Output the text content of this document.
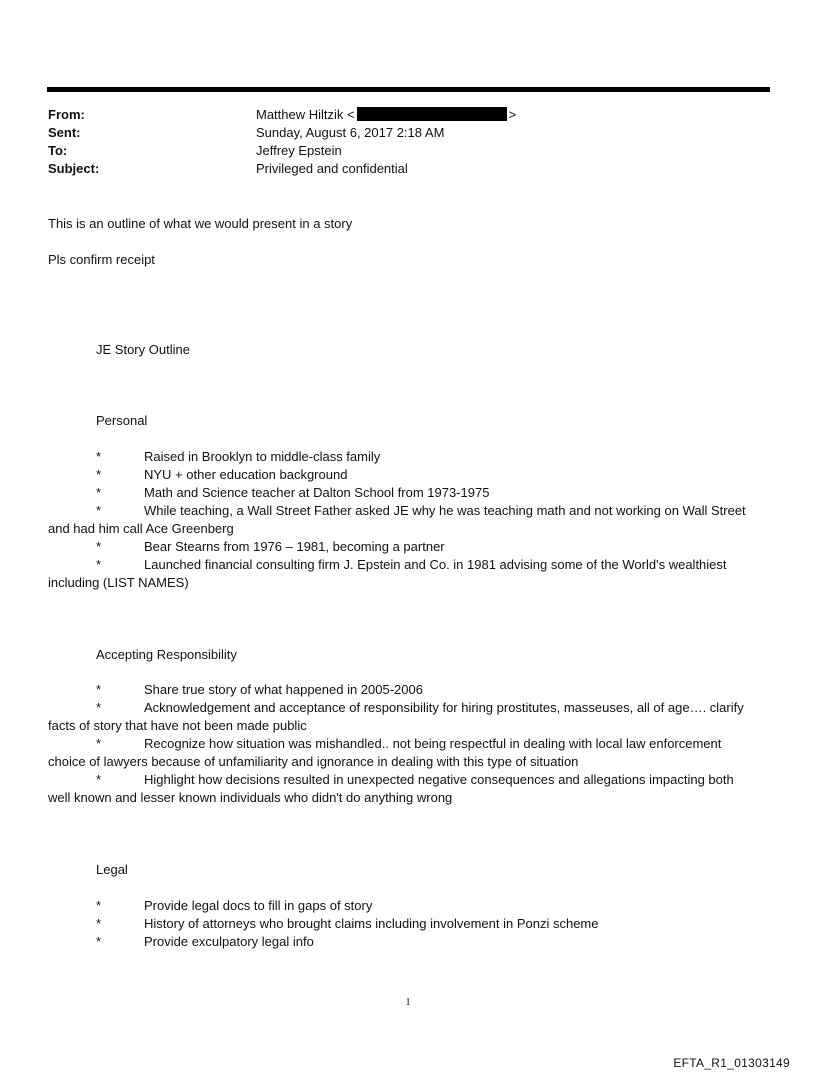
From:	Matthew Hiltzik <	>
Sent:	Sunday, August 6, 2017 2:18 AM
To:	Jeffrey Epstein
Subject:	Privileged and confidential
This is an outline of what we would present in a story
Pls confirm receipt
JE Story Outline
Personal
*	Raised in Brooklyn to middle-class family
*	NYU + other education background
*	Math and Science teacher at Dalton School from 1973-1975
*	While teaching, a Wall Street Father asked JE why he was teaching math and not working on Wall Street
and had him call Ace Greenberg
*	Bear Stearns from 1976 – 1981, becoming a partner
*	Launched financial consulting firm J. Epstein and Co. in 1981 advising some of the World's wealthiest
including (LIST NAMES)
Accepting Responsibility
*	Share true story of what happened in 2005-2006
*	Acknowledgement and acceptance of responsibility for hiring prostitutes, masseuses, all of age…. clarify
facts of story that have not been made public
*	Recognize how situation was mishandled.. not being respectful in dealing with local law enforcement
choice of lawyers because of unfamiliarity and ignorance in dealing with this type of situation
*	Highlight how decisions resulted in unexpected negative consequences and allegations impacting both
well known and lesser known individuals who didn't do anything wrong
Legal
*	Provide legal docs to fill in gaps of story
*	History of attorneys who brought claims including involvement in Ponzi scheme
*	Provide exculpatory legal info
1
EFTA_R1_01303149
